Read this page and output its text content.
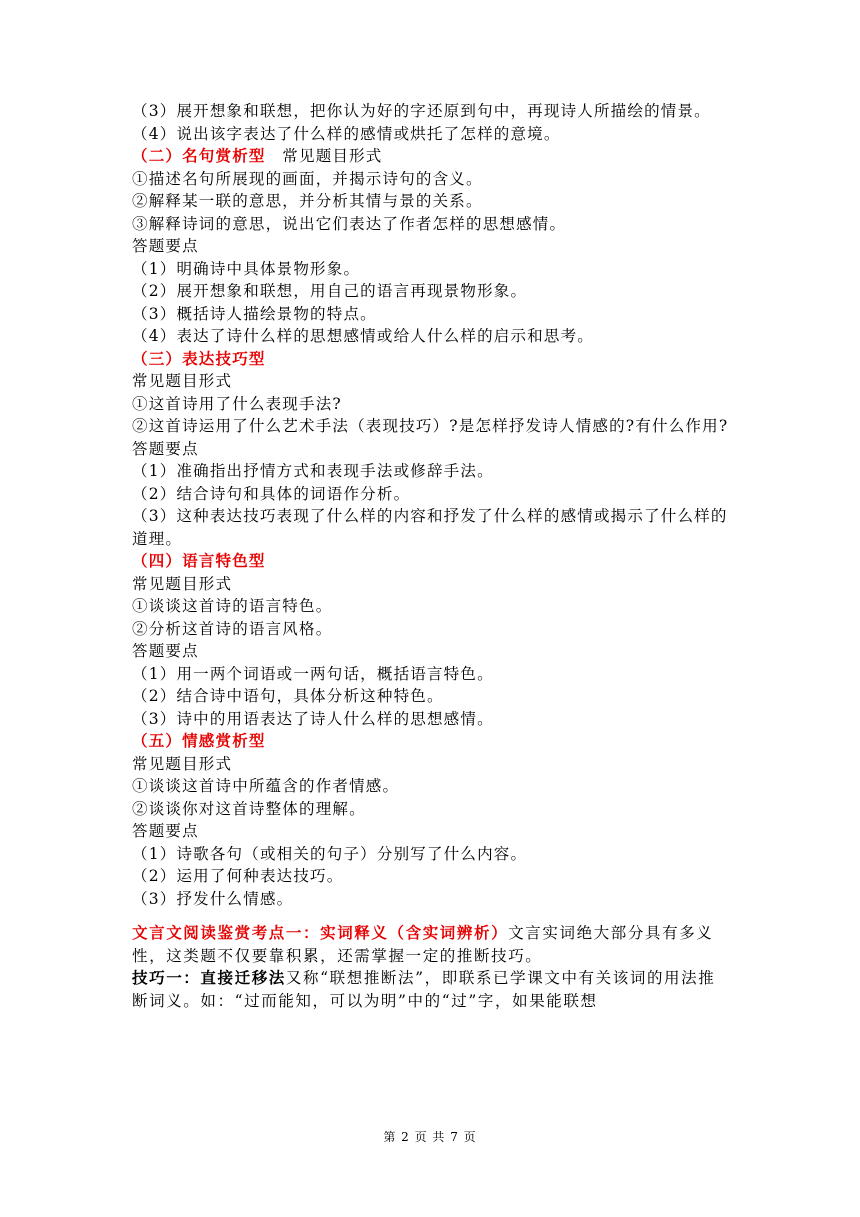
（3）展开想象和联想，把你认为好的字还原到句中，再现诗人所描绘的情景。

（4）说出该字表达了什么样的感情或烘托了怎样的意境。

（二）名句赏析型　常见题目形式

①描述名句所展现的画面，并揭示诗句的含义。

②解释某一联的意思，并分析其情与景的关系。

③解释诗词的意思，说出它们表达了作者怎样的思想感情。

答题要点

（1）明确诗中具体景物形象。

（2）展开想象和联想，用自己的语言再现景物形象。

（3）概括诗人描绘景物的特点。

（4）表达了诗什么样的思想感情或给人什么样的启示和思考。

（三）表达技巧型

常见题目形式

①这首诗用了什么表现手法?

②这首诗运用了什么艺术手法（表现技巧）?是怎样抒发诗人情感的?有什么作用?

答题要点

（1）准确指出抒情方式和表现手法或修辞手法。

（2）结合诗句和具体的词语作分析。

（3）这种表达技巧表现了什么样的内容和抒发了什么样的感情或揭示了什么样的道理。

（四）语言特色型

常见题目形式

①谈谈这首诗的语言特色。

②分析这首诗的语言风格。

答题要点

（1）用一两个词语或一两句话，概括语言特色。

（2）结合诗中语句，具体分析这种特色。

（3）诗中的用语表达了诗人什么样的思想感情。

（五）情感赏析型

常见题目形式

①谈谈这首诗中所蕴含的作者情感。

②谈谈你对这首诗整体的理解。

答题要点

（1）诗歌各句（或相关的句子）分别写了什么内容。

（2）运用了何种表达技巧。

（3）抒发什么情感。

文言文阅读鉴赏考点一：实词释义（含实词辨析）文言实词绝大部分具有多义性，这类题不仅要靠积累，还需掌握一定的推断技巧。

技巧一：直接迁移法又称“联想推断法”，即联系已学课文中有关该词的用法推断词义。如：“过而能知，可以为明”中的“过”字，如果能联想

第 2 页 共 7 页
